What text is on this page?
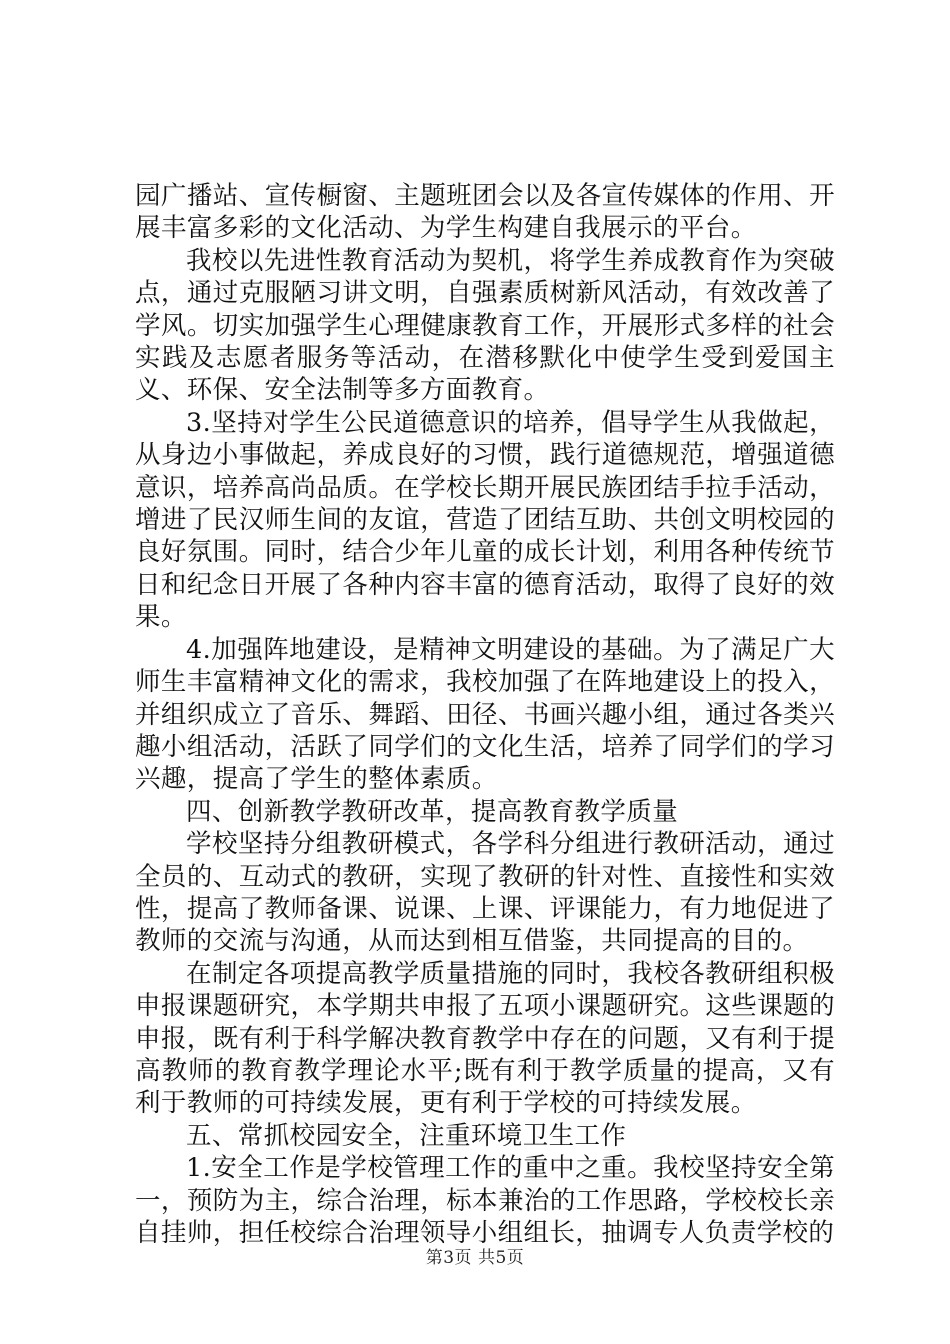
园广播站、宣传橱窗、主题班团会以及各宣传媒体的作用、开展丰富多彩的文化活动、为学生构建自我展示的平台。

我校以先进性教育活动为契机，将学生养成教育作为突破点，通过克服陋习讲文明，自强素质树新风活动，有效改善了学风。切实加强学生心理健康教育工作，开展形式多样的社会实践及志愿者服务等活动，在潜移默化中使学生受到爱国主义、环保、安全法制等多方面教育。

3.坚持对学生公民道德意识的培养，倡导学生从我做起，从身边小事做起，养成良好的习惯，践行道德规范，增强道德意识，培养高尚品质。在学校长期开展民族团结手拉手活动，增进了民汉师生间的友谊，营造了团结互助、共创文明校园的良好氛围。同时，结合少年儿童的成长计划，利用各种传统节日和纪念日开展了各种内容丰富的德育活动，取得了良好的效果。

4.加强阵地建设，是精神文明建设的基础。为了满足广大师生丰富精神文化的需求，我校加强了在阵地建设上的投入，并组织成立了音乐、舞蹈、田径、书画兴趣小组，通过各类兴趣小组活动，活跃了同学们的文化生活，培养了同学们的学习兴趣，提高了学生的整体素质。

四、创新教学教研改革，提高教育教学质量

学校坚持分组教研模式，各学科分组进行教研活动，通过全员的、互动式的教研，实现了教研的针对性、直接性和实效性，提高了教师备课、说课、上课、评课能力，有力地促进了教师的交流与沟通，从而达到相互借鉴，共同提高的目的。

在制定各项提高教学质量措施的同时，我校各教研组积极申报课题研究，本学期共申报了五项小课题研究。这些课题的申报，既有利于科学解决教育教学中存在的问题，又有利于提高教师的教育教学理论水平;既有利于教学质量的提高，又有利于教师的可持续发展，更有利于学校的可持续发展。

五、常抓校园安全，注重环境卫生工作

1.安全工作是学校管理工作的重中之重。我校坚持安全第一，预防为主，综合治理，标本兼治的工作思路，学校校长亲自挂帅，担任校综合治理领导小组组长，抽调专人负责学校的

第3页 共5页
